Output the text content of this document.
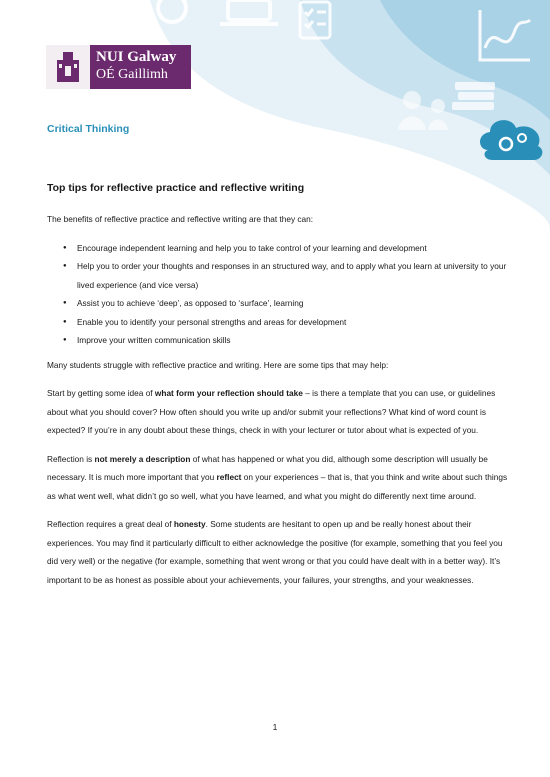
NUI Galway
OÉ Gaillimh
Critical Thinking
Top tips for reflective practice and reflective writing

The benefits of reflective practice and reflective writing are that they can:

● Encourage independent learning and help you to take control of your learning and development
● Help you to order your thoughts and responses in an structured way, and to apply what you learn at university to your lived experience (and vice versa)
● Assist you to achieve ‘deep’, as opposed to ‘surface’, learning
● Enable you to identify your personal strengths and areas for development
● Improve your written communication skills

Many students struggle with reflective practice and writing. Here are some tips that may help:

Start by getting some idea of what form your reflection should take – is there a template that you can use, or guidelines about what you should cover? How often should you write up and/or submit your reflections? What kind of word count is expected? If you’re in any doubt about these things, check in with your lecturer or tutor about what is expected of you.

Reflection is not merely a description of what has happened or what you did, although some description will usually be necessary. It is much more important that you reflect on your experiences – that is, that you think and write about such things as what went well, what didn’t go so well, what you have learned, and what you might do differently next time around.

Reflection requires a great deal of honesty. Some students are hesitant to open up and be really honest about their experiences. You may find it particularly difficult to either acknowledge the positive (for example, something that you feel you did very well) or the negative (for example, something that went wrong or that you could have dealt with in a better way). It’s important to be as honest as possible about your achievements, your failures, your strengths, and your weaknesses.

1
